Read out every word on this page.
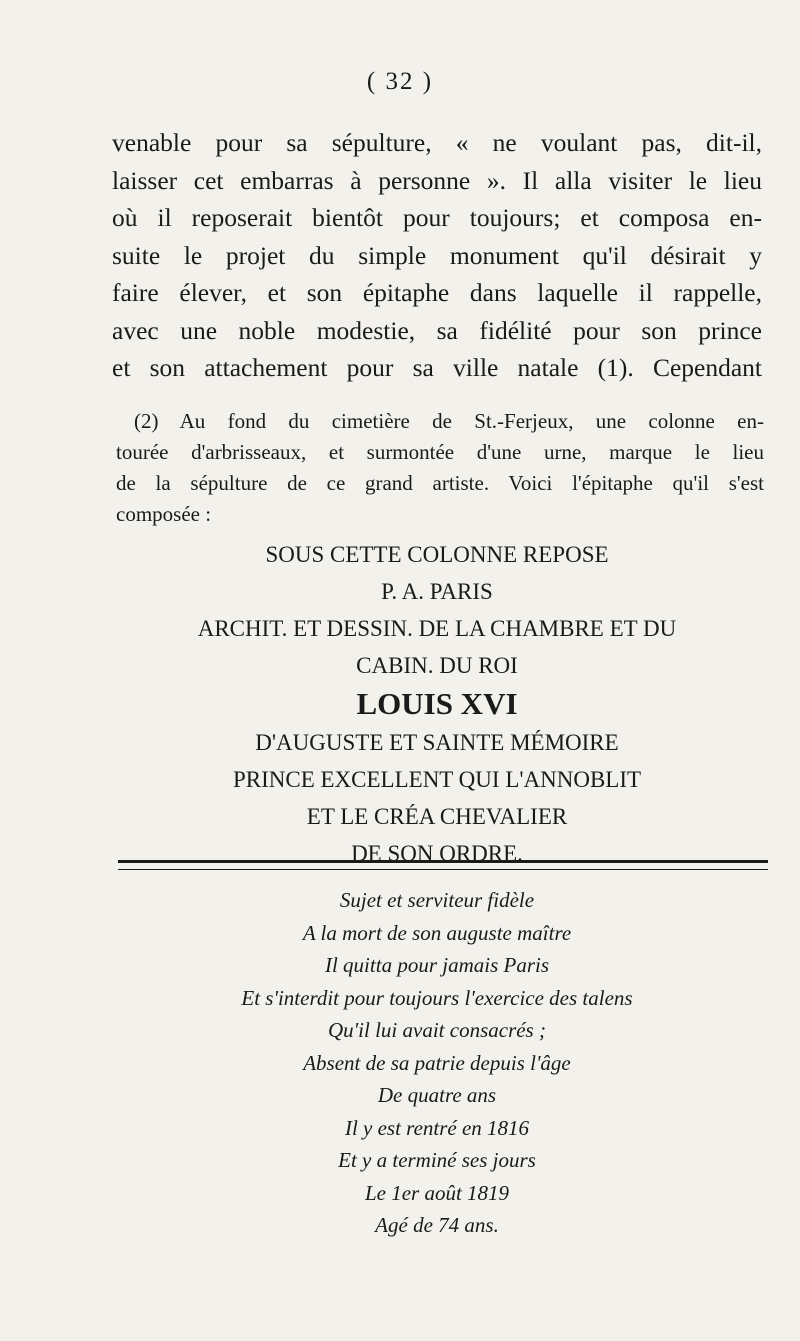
( 32 )
venable pour sa sépulture, « ne voulant pas, dit-il,
laisser cet embarras à personne ». Il alla visiter le lieu
où il reposerait bientôt pour toujours; et composa en-
suite le projet du simple monument qu'il désirait y
faire élever, et son épitaphe dans laquelle il rappelle,
avec une noble modestie, sa fidélité pour son prince
et son attachement pour sa ville natale (1). Cependant
(2) Au fond du cimetière de St.-Ferjeux, une colonne en-
tourée d'arbrisseaux, et surmontée d'une urne, marque le lieu
de la sépulture de ce grand artiste. Voici l'épitaphe qu'il s'est
composée :
SOUS CETTE COLONNE REPOSE
P. A. PARIS
ARCHIT. ET DESSIN. DE LA CHAMBRE ET DU
CABIN. DU ROI
LOUIS XVI
D'AUGUSTE ET SAINTE MÉMOIRE
PRINCE EXCELLENT QUI L'ANNOBLIT
ET LE CRÉA CHEVALIER
DE SON ORDRE.
Sujet et serviteur fidèle
A la mort de son auguste maître
Il quitta pour jamais Paris
Et s'interdit pour toujours l'exercice des talens
Qu'il lui avait consacrés ;
Absent de sa patrie depuis l'âge
De quatre ans
Il y est rentré en 1816
Et y a terminé ses jours
Le 1er août 1819
Agé de 74 ans.
